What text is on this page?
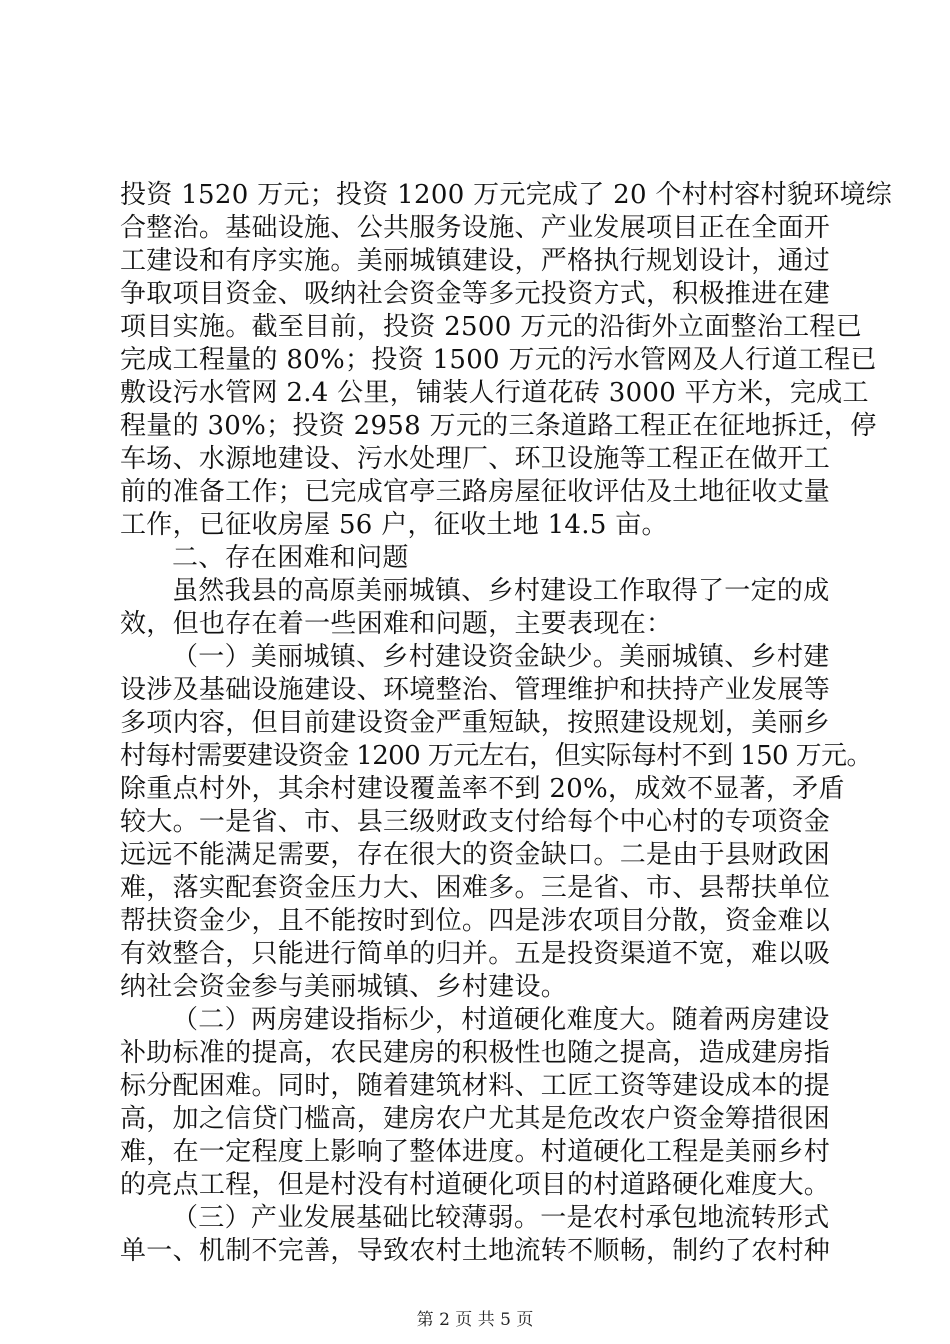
投资 1520 万元；投资 1200 万元完成了 20 个村村容村貌环境综
合整治。基础设施、公共服务设施、产业发展项目正在全面开
工建设和有序实施。美丽城镇建设，严格执行规划设计，通过
争取项目资金、吸纳社会资金等多元投资方式，积极推进在建
项目实施。截至目前，投资 2500 万元的沿街外立面整治工程已
完成工程量的 80%；投资 1500 万元的污水管网及人行道工程已
敷设污水管网 2.4 公里，铺装人行道花砖 3000 平方米，完成工
程量的 30%；投资 2958 万元的三条道路工程正在征地拆迁，停
车场、水源地建设、污水处理厂、环卫设施等工程正在做开工
前的准备工作；已完成官亭三路房屋征收评估及土地征收丈量
工作，已征收房屋 56 户，征收土地 14.5 亩。
二、存在困难和问题
虽然我县的高原美丽城镇、乡村建设工作取得了一定的成
效，但也存在着一些困难和问题，主要表现在：
（一）美丽城镇、乡村建设资金缺少。美丽城镇、乡村建
设涉及基础设施建设、环境整治、管理维护和扶持产业发展等
多项内容，但目前建设资金严重短缺，按照建设规划，美丽乡
村每村需要建设资金 1200 万元左右，但实际每村不到 150 万元。
除重点村外，其余村建设覆盖率不到 20%，成效不显著，矛盾
较大。一是省、市、县三级财政支付给每个中心村的专项资金
远远不能满足需要，存在很大的资金缺口。二是由于县财政困
难，落实配套资金压力大、困难多。三是省、市、县帮扶单位
帮扶资金少，且不能按时到位。四是涉农项目分散，资金难以
有效整合，只能进行简单的归并。五是投资渠道不宽，难以吸
纳社会资金参与美丽城镇、乡村建设。
（二）两房建设指标少，村道硬化难度大。随着两房建设
补助标准的提高，农民建房的积极性也随之提高，造成建房指
标分配困难。同时，随着建筑材料、工匠工资等建设成本的提
高，加之信贷门槛高，建房农户尤其是危改农户资金筹措很困
难，在一定程度上影响了整体进度。村道硬化工程是美丽乡村
的亮点工程，但是村没有村道硬化项目的村道路硬化难度大。
（三）产业发展基础比较薄弱。一是农村承包地流转形式
单一、机制不完善，导致农村土地流转不顺畅，制约了农村种
第 2 页 共 5 页
